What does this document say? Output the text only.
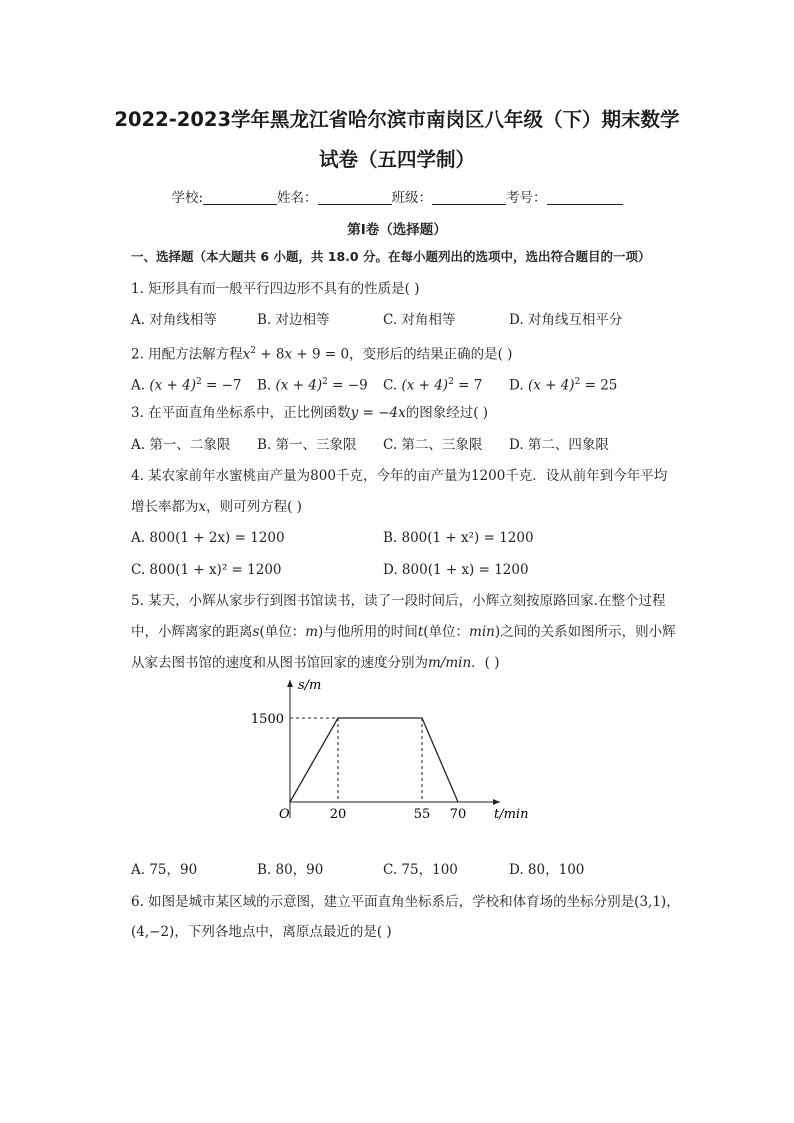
2022-2023学年黑龙江省哈尔滨市南岗区八年级（下）期末数学
试卷（五四学制）
学校:	姓名：	班级：	考号：
第I卷（选择题）
一、选择题（本大题共 6 小题，共 18.0 分。在每小题列出的选项中，选出符合题目的一项）
1. 矩形具有而一般平行四边形不具有的性质是( )
A. 对角线相等	B. 对边相等	C. 对角相等	D. 对角线互相平分
2. 用配方法解方程$x^2 + 8x + 9 = 0$，变形后的结果正确的是( )
A. $(x + 4)^2 = -7$ B. $(x + 4)^2 = -9$ C. $(x + 4)^2 = 7$ D. $(x + 4)^2 = 25$
3. 在平面直角坐标系中，正比例函数y = −4x的图象经过( )
A. 第一、二象限 B. 第一、三象限 C. 第二、三象限 D. 第二、四象限
4. 某农家前年水蜜桃亩产量为800千克，今年的亩产量为1200千克．设从前年到今年平均
增长率都为x，则可列方程( )
A. 800(1 + 2x) = 1200	B. 800(1 + x²) = 1200
C. 800(1 + x)² = 1200	D. 800(1 + x) = 1200
5. 某天，小辉从家步行到图书馆读书，读了一段时间后，小辉立刻按原路回家.在整个过程
中，小辉离家的距离s(单位：m)与他所用的时间t(单位：min)之间的关系如图所示，则小辉
从家去图书馆的速度和从图书馆回家的速度分别为m/min．( )
s/m
t/min
O
1500
20	55 70
A. 75，90	B. 80，90	C. 75，100	D. 80，100
6. 如图是城市某区域的示意图，建立平面直角坐标系后，学校和体育场的坐标分别是(3,1)，
(4,−2)，下列各地点中，离原点最近的是( )
